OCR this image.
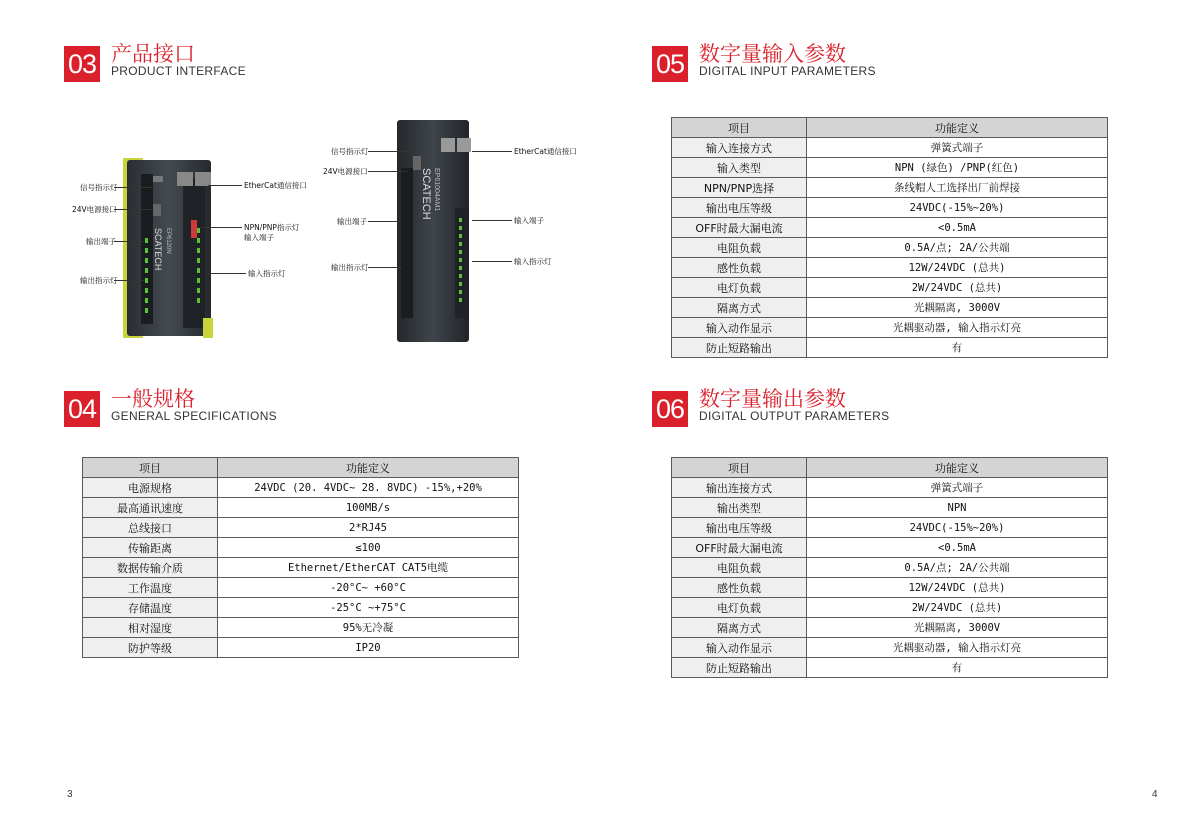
03 产品接口
PRODUCT INTERFACE
SCATECH EP6120N
SCATECH EP61004AM1
信号指示灯
24V电源接口
输出端子
输出指示灯
EtherCat通信接口
NPN/PNP指示灯
输入端子
输入指示灯
信号指示灯
24V电源接口
输出端子
输出指示灯
EtherCat通信接口
输入端子
输入指示灯
04 一般规格
GENERAL SPECIFICATIONS
项目	功能定义
电源规格	24VDC (20. 4VDC~ 28. 8VDC) -15%,+20%
最高通讯速度	100MB/s
总线接口	2*RJ45
传输距离	≤100
数据传输介质	Ethernet/EtherCAT CAT5电缆
工作温度	-20°C~ +60°C
存储温度	-25°C ~+75°C
相对湿度	95%无冷凝
防护等级	IP20
05 数字量输入参数
DIGITAL INPUT PARAMETERS
项目	功能定义
输入连接方式	弹簧式端子
输入类型	NPN (绿色) /PNP(红色)
NPN/PNP选择	条线帽人工选择出厂前焊接
输出电压等级	24VDC(-15%~20%)
OFF时最大漏电流	<0.5mA
电阻负载	0.5A/点; 2A/公共端
感性负载	12W/24VDC (总共)
电灯负载	2W/24VDC (总共)
隔离方式	光耦隔离, 3000V
输入动作显示	光耦驱动器, 输入指示灯亮
防止短路输出	有
06 数字量输出参数
DIGITAL OUTPUT PARAMETERS
项目	功能定义
输出连接方式	弹簧式端子
输出类型	NPN
输出电压等级	24VDC(-15%~20%)
OFF时最大漏电流	<0.5mA
电阻负载	0.5A/点; 2A/公共端
感性负载	12W/24VDC (总共)
电灯负载	2W/24VDC (总共)
隔离方式	光耦隔离, 3000V
输入动作显示	光耦驱动器, 输入指示灯亮
防止短路输出	有
3	4
